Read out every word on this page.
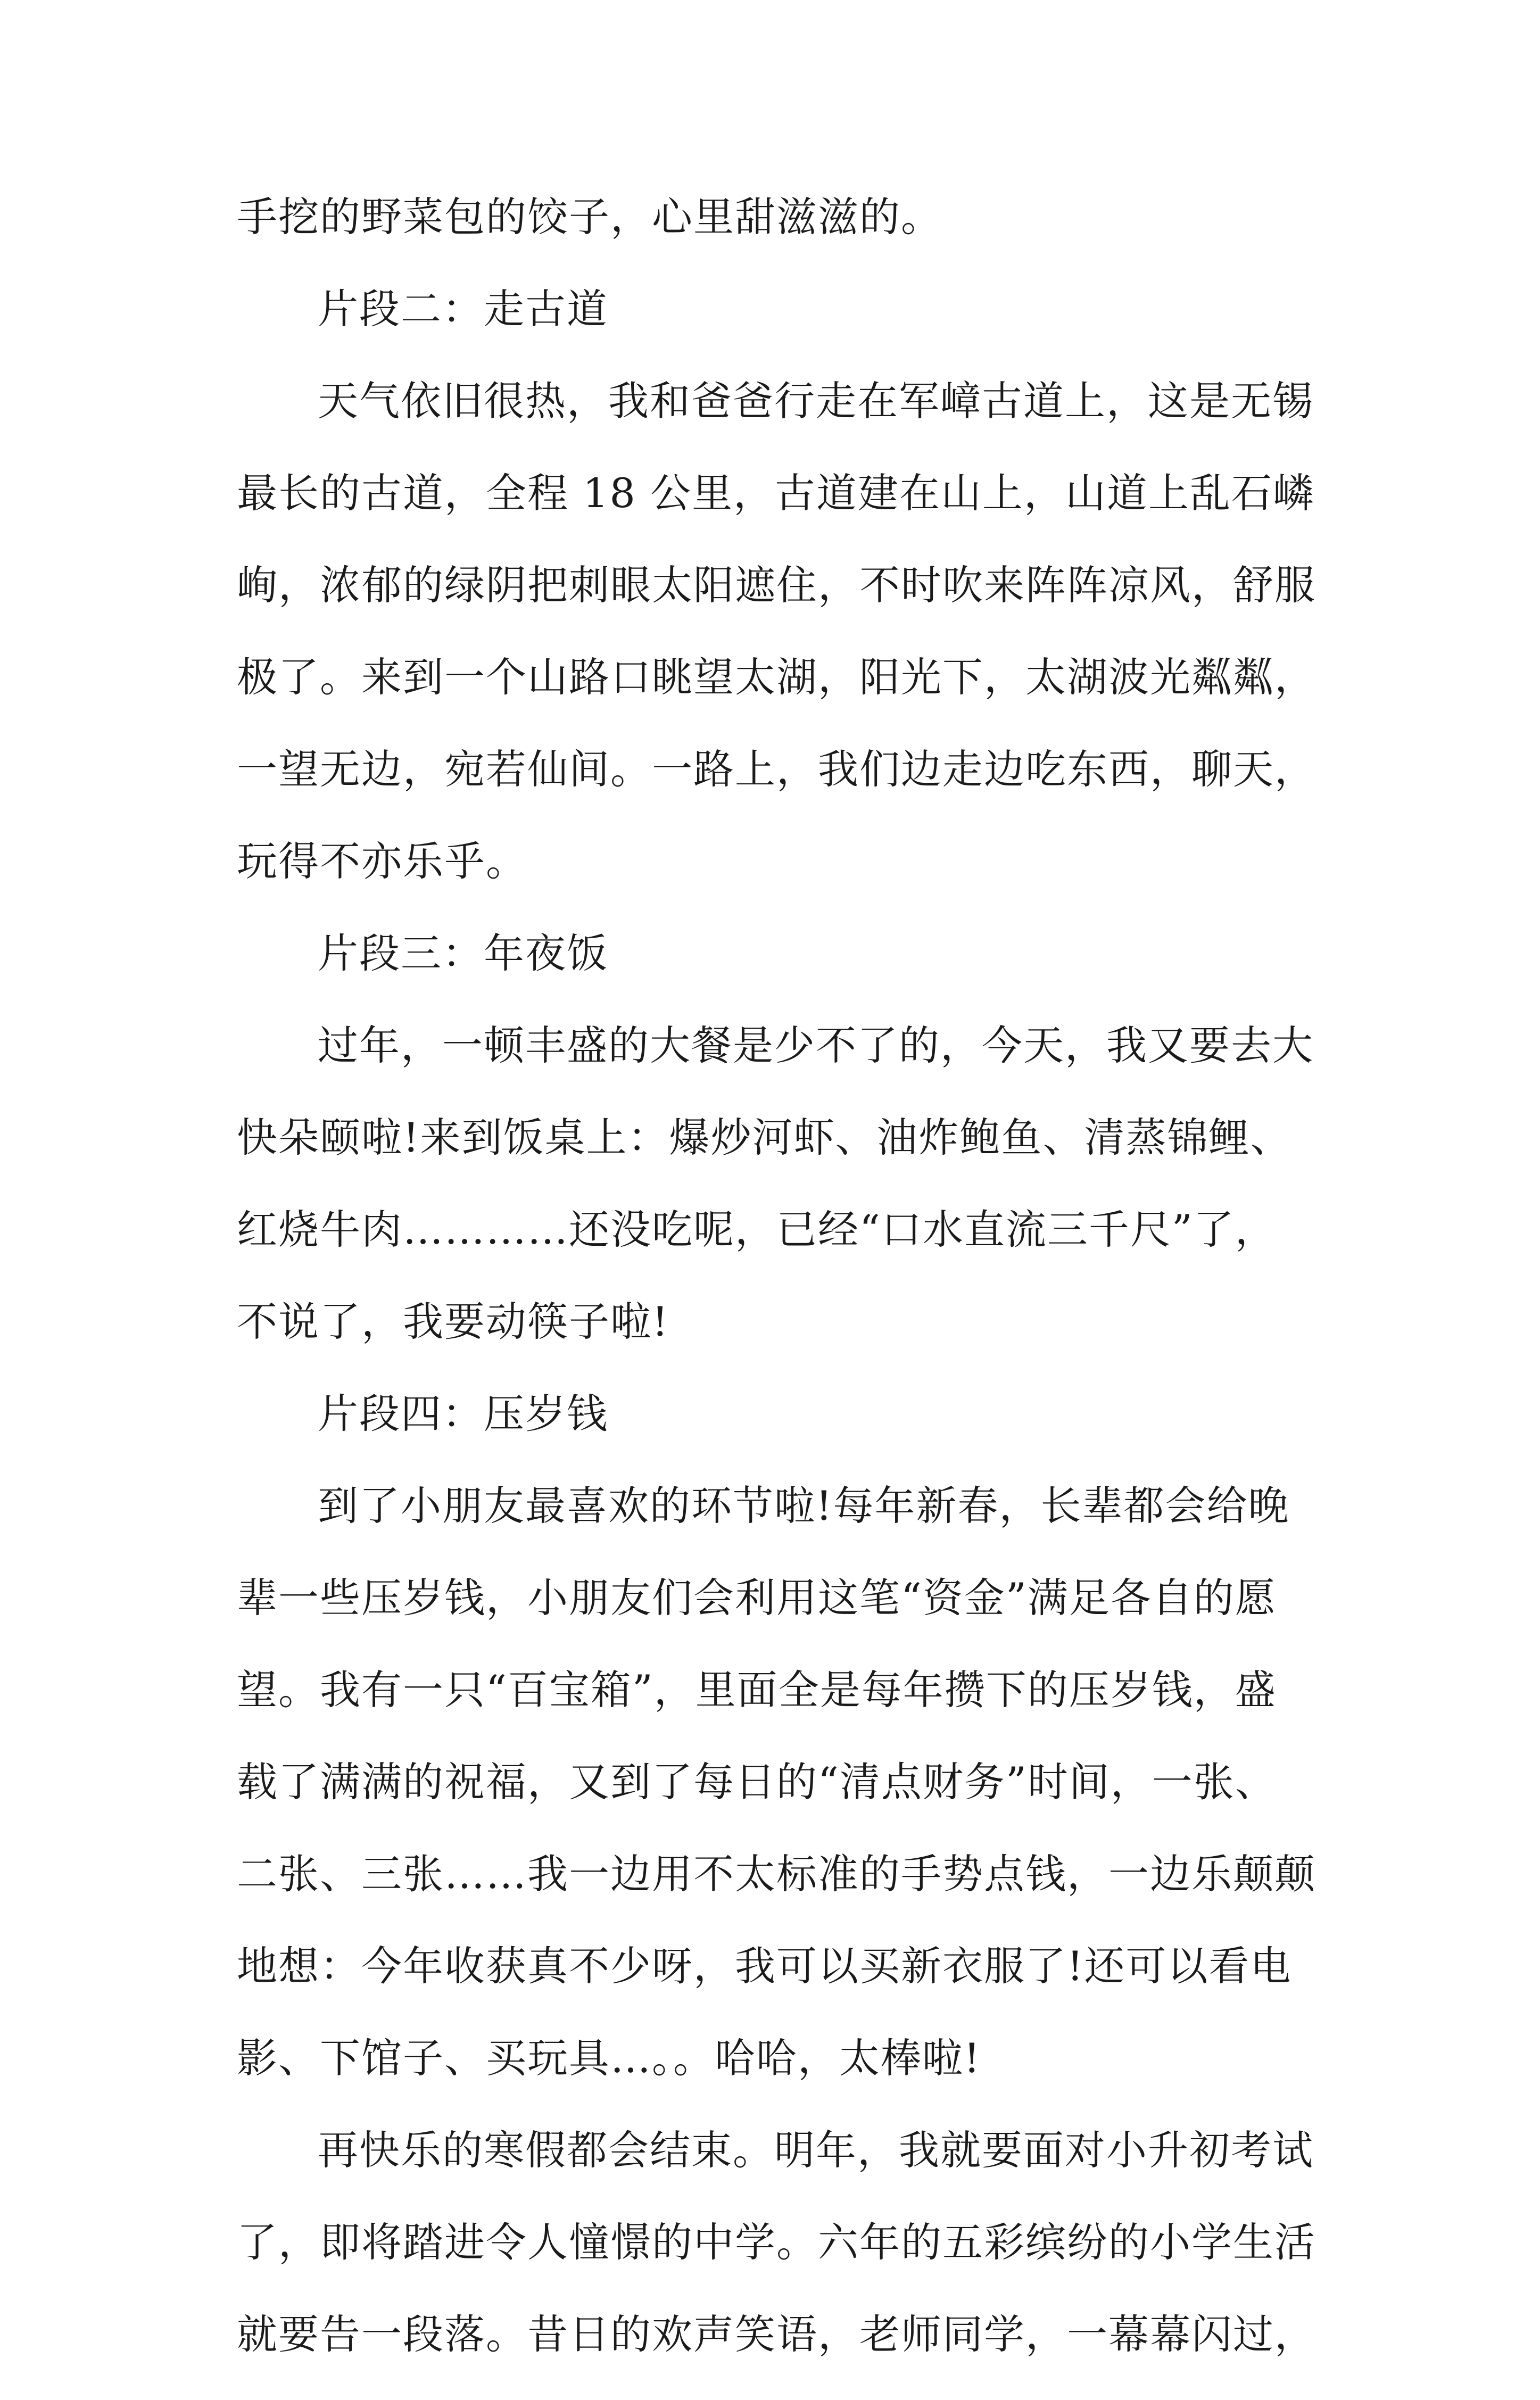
手挖的野菜包的饺子，心里甜滋滋的。
片段二：走古道
天气依旧很热，我和爸爸行走在军嶂古道上，这是无锡
最长的古道，全程 18 公里，古道建在山上，山道上乱石嶙
峋，浓郁的绿阴把刺眼太阳遮住，不时吹来阵阵凉风，舒服
极了。来到一个山路口眺望太湖，阳光下，太湖波光粼粼，
一望无边，宛若仙间。一路上，我们边走边吃东西，聊天，
玩得不亦乐乎。
片段三：年夜饭
过年，一顿丰盛的大餐是少不了的，今天，我又要去大
快朵颐啦!来到饭桌上：爆炒河虾、油炸鲍鱼、清蒸锦鲤、
红烧牛肉…………还没吃呢，已经“口水直流三千尺”了，
不说了，我要动筷子啦!
片段四：压岁钱
到了小朋友最喜欢的环节啦!每年新春，长辈都会给晚
辈一些压岁钱，小朋友们会利用这笔“资金”满足各自的愿
望。我有一只“百宝箱”，里面全是每年攒下的压岁钱，盛
载了满满的祝福，又到了每日的“清点财务”时间，一张、
二张、三张……我一边用不太标准的手势点钱，一边乐颠颠
地想：今年收获真不少呀，我可以买新衣服了!还可以看电
影、下馆子、买玩具…。。哈哈，太棒啦!
再快乐的寒假都会结束。明年，我就要面对小升初考试
了，即将踏进令人憧憬的中学。六年的五彩缤纷的小学生活
就要告一段落。昔日的欢声笑语，老师同学，一幕幕闪过，
